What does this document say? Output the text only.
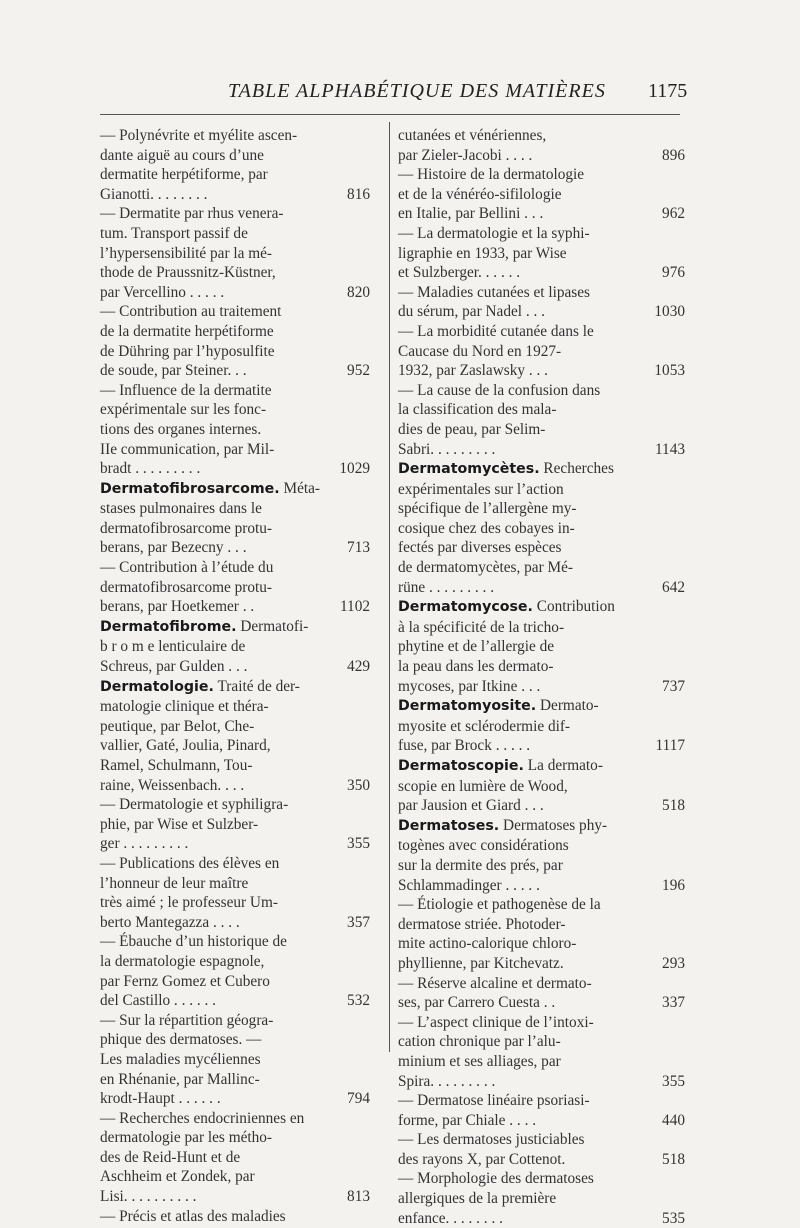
TABLE ALPHABÉTIQUE DES MATIÈRES 1175
— Polynévrite et myélite ascen-
dante aiguë au cours d’une
dermatite herpétiforme, par
816
Gianotti. . . . . . . .
— Dermatite par rhus venera-
tum. Transport passif de
l’hypersensibilité par la mé-
thode de Praussnitz-Küstner,
820
par Vercellino . . . . .
— Contribution au traitement
de la dermatite herpétiforme
de Dühring par l’hyposulfite
952
de soude, par Steiner. . .
— Influence de la dermatite
expérimentale sur les fonc-
tions des organes internes.
IIe communication, par Mil-
1029
bradt . . . . . . . . .
Dermatofibrosarcome. Méta-
stases pulmonaires dans le
dermatofibrosarcome protu-
713
berans, par Bezecny . . .
— Contribution à l’étude du
dermatofibrosarcome protu-
1102
berans, par Hoetkemer . .
Dermatofibrome. Dermatofi-
b r o m e lenticulaire de
429
Schreus, par Gulden . . .
Dermatologie. Traité de der-
matologie clinique et théra-
peutique, par Belot, Che-
vallier, Gaté, Joulia, Pinard,
Ramel, Schulmann, Tou-
350
raine, Weissenbach. . . .
— Dermatologie et syphiligra-
phie, par Wise et Sulzber-
355
ger . . . . . . . . .
— Publications des élèves en
l’honneur de leur maître
très aimé ; le professeur Um-
357
berto Mantegazza . . . .
— Ébauche d’un historique de
la dermatologie espagnole,
par Fernz Gomez et Cubero
532
del Castillo . . . . . .
— Sur la répartition géogra-
phique des dermatoses. —
Les maladies mycéliennes
en Rhénanie, par Mallinc-
794
krodt-Haupt . . . . . .
— Recherches endocriniennes en
dermatologie par les métho-
des de Reid-Hunt et de
Aschheim et Zondek, par
813
Lisi. . . . . . . . . .
— Précis et atlas des maladies
cutanées et vénériennes,
896
par Zieler-Jacobi . . . .
— Histoire de la dermatologie
et de la vénéréo-sifilologie
962
en Italie, par Bellini . . .
— La dermatologie et la syphi-
ligraphie en 1933, par Wise
976
et Sulzberger. . . . . .
— Maladies cutanées et lipases
1030
du sérum, par Nadel . . .
— La morbidité cutanée dans le
Caucase du Nord en 1927-
1053
1932, par Zaslawsky . . .
— La cause de la confusion dans
la classification des mala-
dies de peau, par Selim-
1143
Sabri. . . . . . . . .
Dermatomycètes. Recherches
expérimentales sur l’action
spécifique de l’allergène my-
cosique chez des cobayes in-
fectés par diverses espèces
de dermatomycètes, par Mé-
642
rüne . . . . . . . . .
Dermatomycose. Contribution
à la spécificité de la tricho-
phytine et de l’allergie de
la peau dans les dermato-
737
mycoses, par Itkine . . .
Dermatomyosite. Dermato-
myosite et sclérodermie dif-
1117
fuse, par Brock . . . . .
Dermatoscopie. La dermato-
scopie en lumière de Wood,
518
par Jausion et Giard . . .
Dermatoses. Dermatoses phy-
togènes avec considérations
sur la dermite des prés, par
196
Schlammadinger . . . . .
— Étiologie et pathogenèse de la
dermatose striée. Photoder-
mite actino-calorique chloro-
293
phyllienne, par Kitchevatz.
— Réserve alcaline et dermato-
337
ses, par Carrero Cuesta . .
— L’aspect clinique de l’intoxi-
cation chronique par l’alu-
minium et ses alliages, par
355
Spira. . . . . . . . .
— Dermatose linéaire psoriasi-
440
forme, par Chiale . . . .
— Les dermatoses justiciables
518
des rayons X, par Cottenot.
— Morphologie des dermatoses
allergiques de la première
535
enfance. . . . . . . .
